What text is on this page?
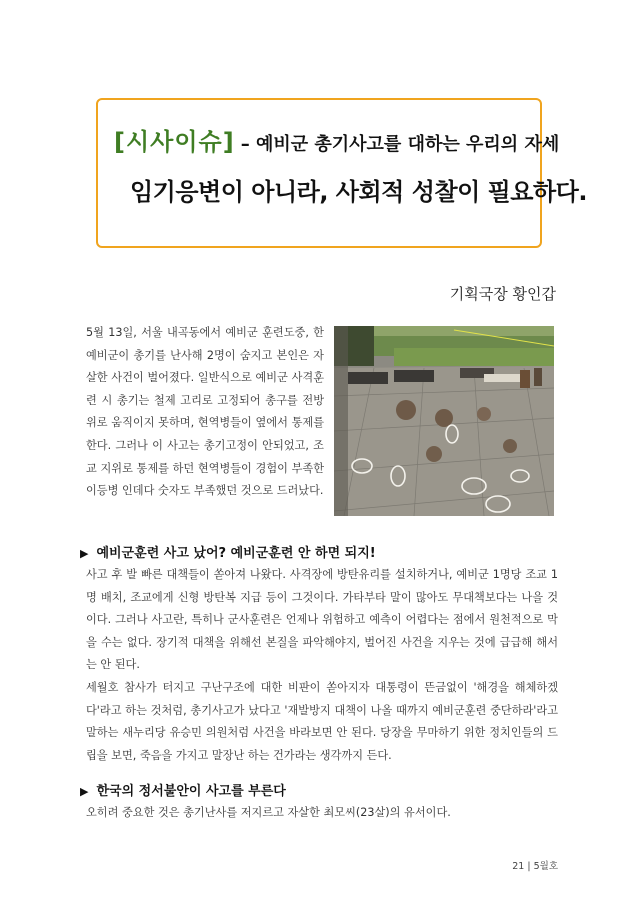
[시사이슈] – 예비군 총기사고를 대하는 우리의 자세
임기응변이 아니라, 사회적 성찰이 필요하다.
기획국장 황인갑
5월 13일, 서울 내곡동에서 예비군 훈련도중, 한 예비군이 총기를 난사해 2명이 숨지고 본인은 자살한 사건이 벌어졌다. 일반식으로 예비군 사격훈련 시 총기는 철제 고리로 고정되어 총구를 전방 위로 움직이지 못하며, 현역병들이 옆에서 통제를 한다. 그러나 이 사고는 총기고정이 안되었고, 조교 지위로 통제를 하던 현역병들이 경험이 부족한 이등병 인데다 숫자도 부족했던 것으로 드러났다.
▶ 예비군훈련 사고 났어? 예비군훈련 안 하면 되지!

사고 후 발 빠른 대책들이 쏟아져 나왔다. 사격장에 방탄유리를 설치하거나, 예비군 1명당 조교 1명 배치, 조교에게 신형 방탄복 지급 등이 그것이다. 가타부타 말이 많아도 무대책보다는 나을 것이다. 그러나 사고란, 특히나 군사훈련은 언제나 위험하고 예측이 어렵다는 점에서 원천적으로 막을 수는 없다. 장기적 대책을 위해선 본질을 파악해야지, 벌어진 사건을 지우는 것에 급급해 해서는 안 된다.

세월호 참사가 터지고 구난구조에 대한 비판이 쏟아지자 대통령이 뜬금없이 '해경을 해체하겠다'라고 하는 것처럼, 총기사고가 났다고 '재발방지 대책이 나올 때까지 예비군훈련 중단하라'라고 말하는 새누리당 유승민 의원처럼 사건을 바라보면 안 된다. 당장을 무마하기 위한 정치인들의 드립을 보면, 죽음을 가지고 말장난 하는 건가라는 생각까지 든다.

▶ 한국의 정서불안이 사고를 부른다

오히려 중요한 것은 총기난사를 저지르고 자살한 최모씨(23살)의 유서이다.

21 | 5월호
